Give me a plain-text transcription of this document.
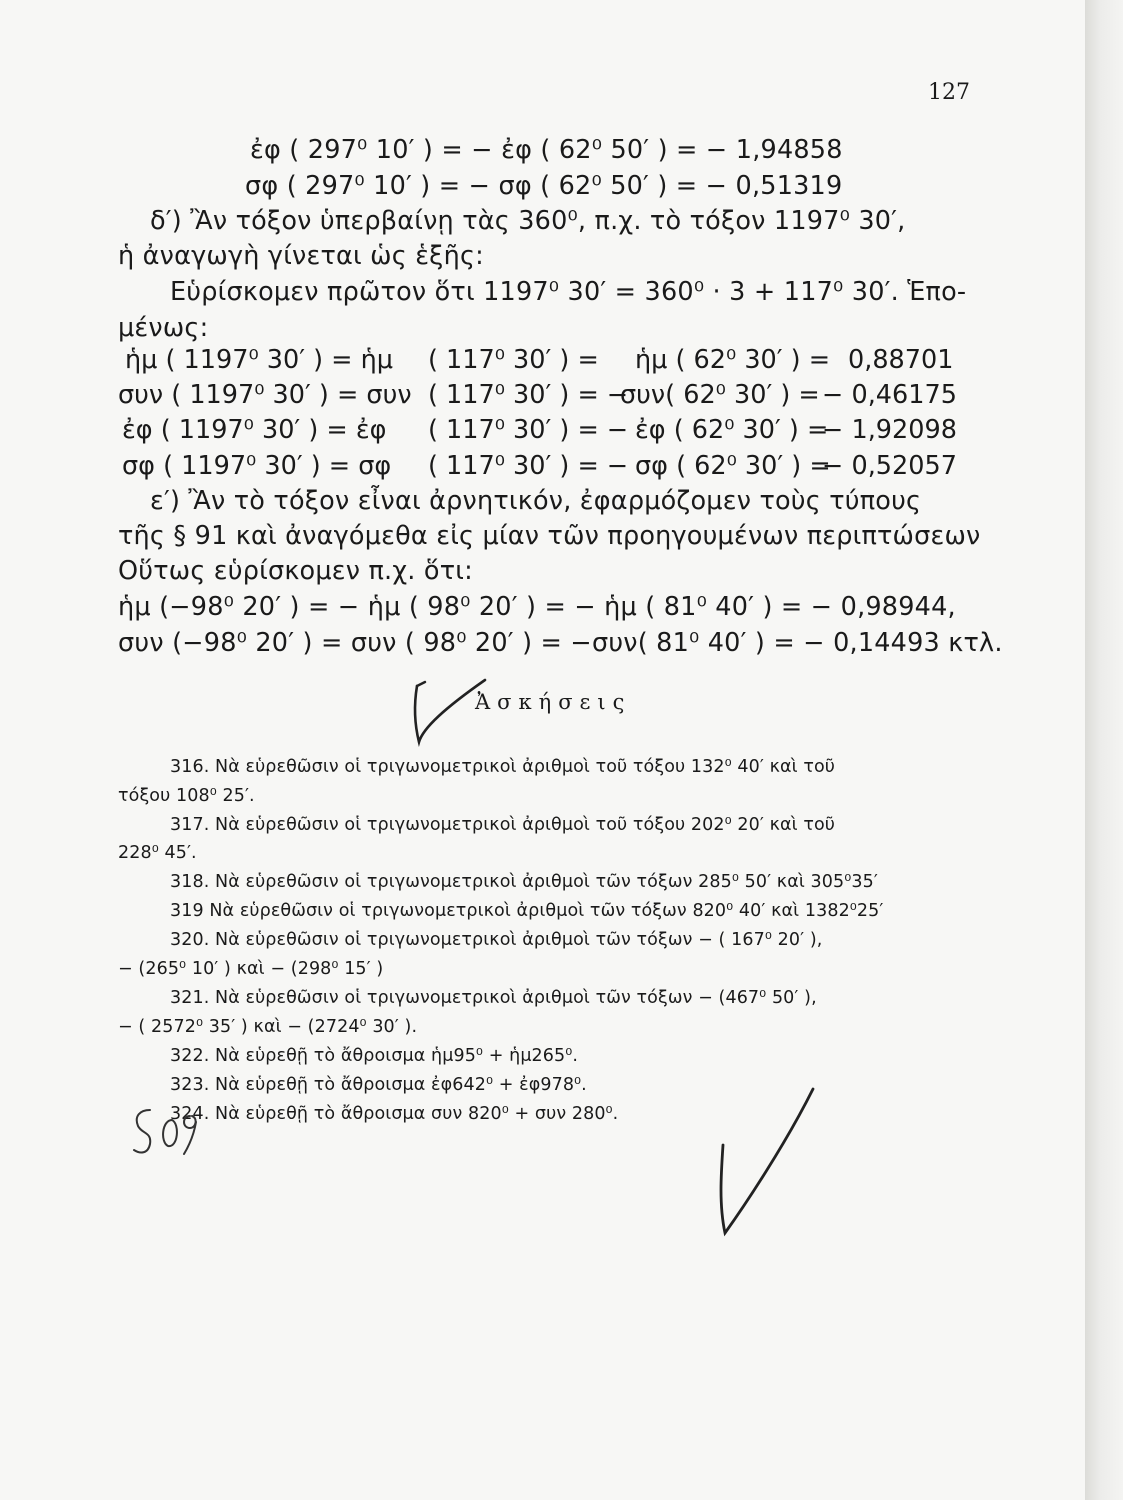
127
ἐφ ( 297⁰ 10′ ) = − ἐφ ( 62⁰ 50′ ) = − 1,94858
σφ ( 297⁰ 10′ ) = − σφ ( 62⁰ 50′ ) = − 0,51319
δ′) Ἂν τόξον ὑπερβαίνῃ τὰς 360⁰, π.χ. τὸ τόξον 1197⁰ 30′,
ἡ ἀναγωγὴ γίνεται ὡς ἑξῆς:
Εὑρίσκομεν πρῶτον ὅτι 1197⁰ 30′ = 360⁰ · 3 + 117⁰ 30′. Ἑπο-
μένως:
ἡμ ( 1197⁰ 30′ ) = ἡμ ( 117⁰ 30′ ) = ἡμ ( 62⁰ 30′ ) = 0,88701
συν ( 1197⁰ 30′ ) = συν ( 117⁰ 30′ ) = −
συν( 62⁰ 30′ ) = − 0,46175
ἐφ ( 1197⁰ 30′ ) = ἐφ ( 117⁰ 30′ ) = − ἐφ ( 62⁰ 30′ ) =
− 1,92098
σφ ( 1197⁰ 30′ ) = σφ ( 117⁰ 30′ ) = − σφ ( 62⁰ 30′ ) =
− 0,52057
ε′) Ἂν τὸ τόξον εἶναι ἀρνητικόν, ἐφαρμόζομεν τοὺς τύπους
τῆς § 91 καὶ ἀναγόμεθα εἰς μίαν τῶν προηγουμένων περιπτώσεων
Οὕτως εὑρίσκομεν π.χ. ὅτι:
ἡμ (−98⁰ 20′ ) = − ἡμ ( 98⁰ 20′ ) = − ἡμ ( 81⁰ 40′ ) = − 0,98944,
συν (−98⁰ 20′ ) = συν ( 98⁰ 20′ ) = −συν( 81⁰ 40′ ) = − 0,14493 κτλ.
Ἀσκήσεις
316. Νὰ εὑρεθῶσιν οἱ τριγωνομετρικοὶ ἀριθμοὶ τοῦ τόξου 132⁰ 40′ καὶ τοῦ
τόξου 108⁰ 25′.
317. Νὰ εὑρεθῶσιν οἱ τριγωνομετρικοὶ ἀριθμοὶ τοῦ τόξου 202⁰ 20′ καὶ τοῦ
228⁰ 45′.
318. Νὰ εὑρεθῶσιν οἱ τριγωνομετρικοὶ ἀριθμοὶ τῶν τόξων 285⁰ 50′ καὶ 305⁰35′
319 Νὰ εὑρεθῶσιν οἱ τριγωνομετρικοὶ ἀριθμοὶ τῶν τόξων 820⁰ 40′ καὶ 1382⁰25′
320. Νὰ εὑρεθῶσιν οἱ τριγωνομετρικοὶ ἀριθμοὶ τῶν τόξων − ( 167⁰ 20′ ),
− (265⁰ 10′ ) καὶ − (298⁰ 15′ )
321. Νὰ εὑρεθῶσιν οἱ τριγωνομετρικοὶ ἀριθμοὶ τῶν τόξων − (467⁰ 50′ ),
− ( 2572⁰ 35′ ) καὶ − (2724⁰ 30′ ).
322. Νὰ εὑρεθῇ τὸ ἄθροισμα ἡμ95⁰ + ἡμ265⁰.
323. Νὰ εὑρεθῇ τὸ ἄθροισμα ἐφ642⁰ + ἐφ978⁰.
324. Νὰ εὑρεθῇ τὸ ἄθροισμα συν 820⁰ + συν 280⁰.
